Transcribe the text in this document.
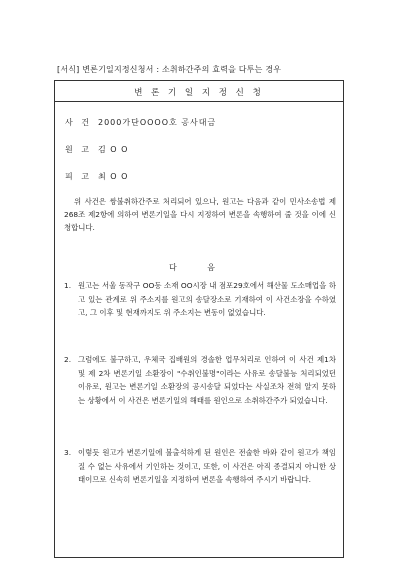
[서식] 변론기일지정신청서 : 소취하간주의 효력을 다투는 경우
변 론 기 일 지 정 신 청
사 건 2000가단OOOO호 공사대금
원 고 김 O O
피 고 최 O O
위 사건은 쌍불취하간주로 처리되어 있으나, 원고는 다음과 같이 민사소송법 제268조 제2항에 의하여 변론기일을 다시 지정하여 변론을 속행하여 줄 것을 이에 신청합니다.
다 음
1. 원고는 서울 동작구 OO동 소재 OO시장 내 점포29호에서 해산물 도소매업을 하고 있는 관계로 위 주소지를 원고의 송달장소로 기재하여 이 사건소장을 수하였고, 그 이후 및 현재까지도 위 주소지는 변동이 없었습니다.
2. 그럼에도 불구하고, 우체국 집배원의 경솔한 업무처리로 인하여 이 사건 제1차 및 제 2차 변론기일 소환장이 "수취인불명"이라는 사유로 송달불능 처리되었던 이유로, 원고는 변론기일 소환장의 공시송달 되었다는 사실조차 전혀 알지 못하는 상황에서 이 사건은 변론기일의 해태를 원인으로 소취하간주가 되었습니다.
3. 이렇듯 원고가 변론기일에 불출석하게 된 원인은 전술한 바와 같이 원고가 책임질 수 없는 사유에서 기인하는 것이고, 또한, 이 사건은 아직 종결되지 아니한 상태이므로 신속히 변론기일을 지정하여 변론을 속행하여 주시기 바랍니다.
